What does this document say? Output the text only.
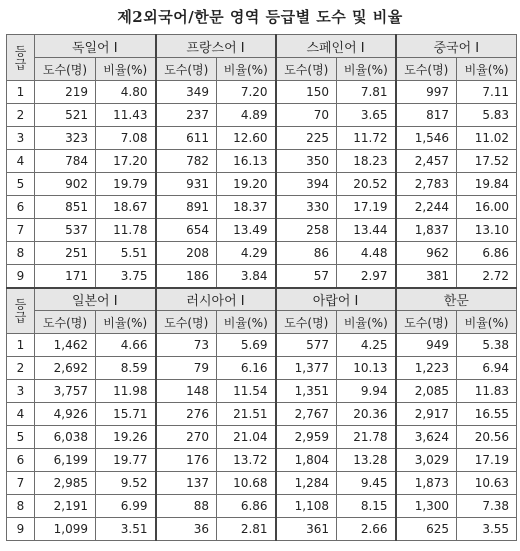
제2외국어/한문 영역 등급별 도수 및 비율
등급	독일어 I		프랑스어 I		스페인어 I		중국어 I	
	도수(명)	비율(%)	도수(명)	비율(%)	도수(명)	비율(%)	도수(명)	비율(%)
1	219	4.80	349	7.20	150	7.81	997	7.11
2	521	11.43	237	4.89	70	3.65	817	5.83
3	323	7.08	611	12.60	225	11.72	1,546	11.02
4	784	17.20	782	16.13	350	18.23	2,457	17.52
5	902	19.79	931	19.20	394	20.52	2,783	19.84
6	851	18.67	891	18.37	330	17.19	2,244	16.00
7	537	11.78	654	13.49	258	13.44	1,837	13.10
8	251	5.51	208	4.29	86	4.48	962	6.86
9	171	3.75	186	3.84	57	2.97	381	2.72
등급	일본어 I		러시아어 I		아랍어 I		한문	
	도수(명)	비율(%)	도수(명)	비율(%)	도수(명)	비율(%)	도수(명)	비율(%)
1	1,462	4.66	73	5.69	577	4.25	949	5.38
2	2,692	8.59	79	6.16	1,377	10.13	1,223	6.94
3	3,757	11.98	148	11.54	1,351	9.94	2,085	11.83
4	4,926	15.71	276	21.51	2,767	20.36	2,917	16.55
5	6,038	19.26	270	21.04	2,959	21.78	3,624	20.56
6	6,199	19.77	176	13.72	1,804	13.28	3,029	17.19
7	2,985	9.52	137	10.68	1,284	9.45	1,873	10.63
8	2,191	6.99	88	6.86	1,108	8.15	1,300	7.38
9	1,099	3.51	36	2.81	361	2.66	625	3.55
